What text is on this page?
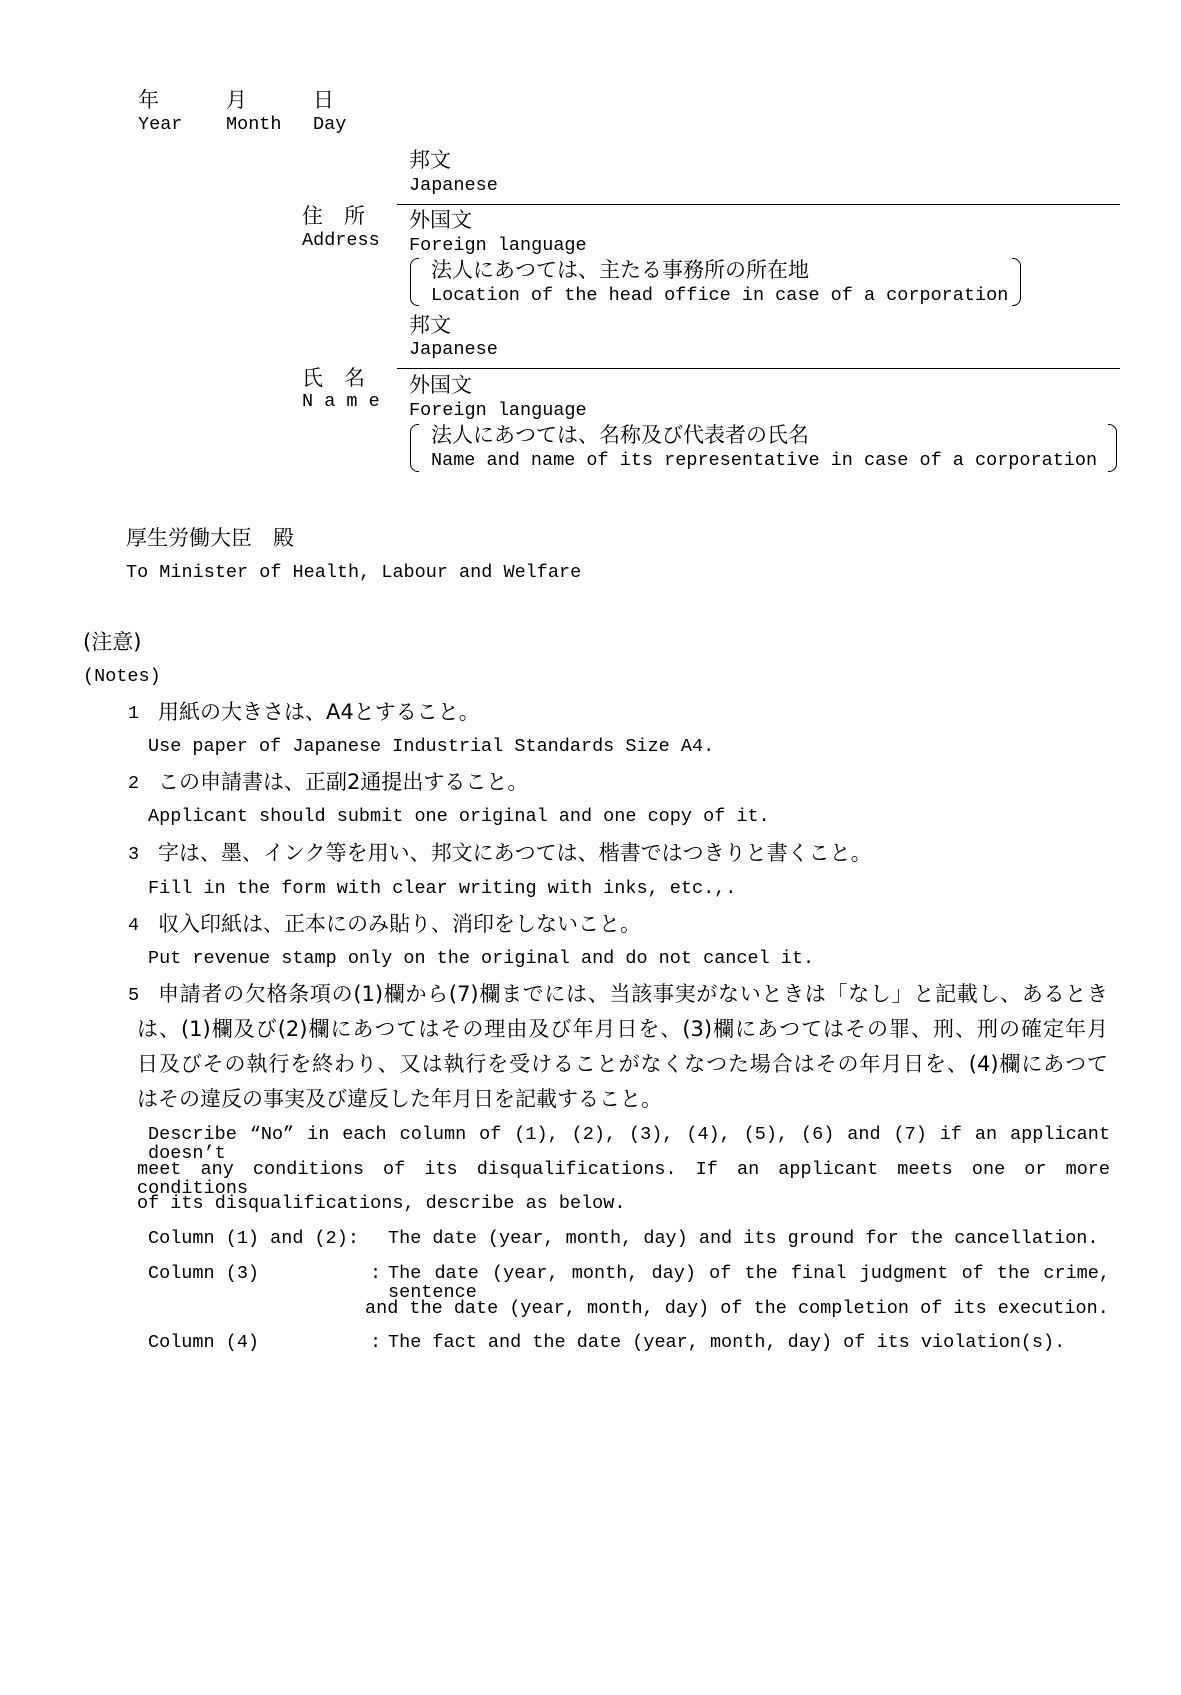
年
Year
月
Month
日
Day
邦文
Japanese
住　所
Address
外国文
Foreign language
法人にあつては、主たる事務所の所在地
Location of the head office in case of a corporation
邦文
Japanese
氏　名
N a m e
外国文
Foreign language
法人にあつては、名称及び代表者の氏名
Name and name of its representative in case of a corporation
厚生労働大臣　殿
To Minister of Health, Labour and Welfare
(注意)
(Notes)
1 用紙の大きさは、A4とすること。
Use paper of Japanese Industrial Standards Size A4.
2 この申請書は、正副2通提出すること。
Applicant should submit one original and one copy of it.
3 字は、墨、インク等を用い、邦文にあつては、楷書ではつきりと書くこと。
Fill in the form with clear writing with inks, etc.,.
4 収入印紙は、正本にのみ貼り、消印をしないこと。
Put revenue stamp only on the original and do not cancel it.
5 申請者の欠格条項の(1)欄から(7)欄までには、当該事実がないときは「なし」と記載し、あるとき
は、(1)欄及び(2)欄にあつてはその理由及び年月日を、(3)欄にあつてはその罪、刑、刑の確定年月
日及びその執行を終わり、又は執行を受けることがなくなつた場合はその年月日を、(4)欄にあつて
はその違反の事実及び違反した年月日を記載すること。
Describe “No” in each column of (1), (2), (3), (4), (5), (6) and (7) if an applicant doesn’t
meet any conditions of its disqualifications. If an applicant meets one or more conditions
of its disqualifications, describe as below.
Column (1) and (2): The date (year, month, day) and its ground for the cancellation.
Column (3)          : The date (year, month, day) of the final judgment of the crime, sentence
and the date (year, month, day) of the completion of its execution.
Column (4)          : The fact and the date (year, month, day) of its violation(s).
